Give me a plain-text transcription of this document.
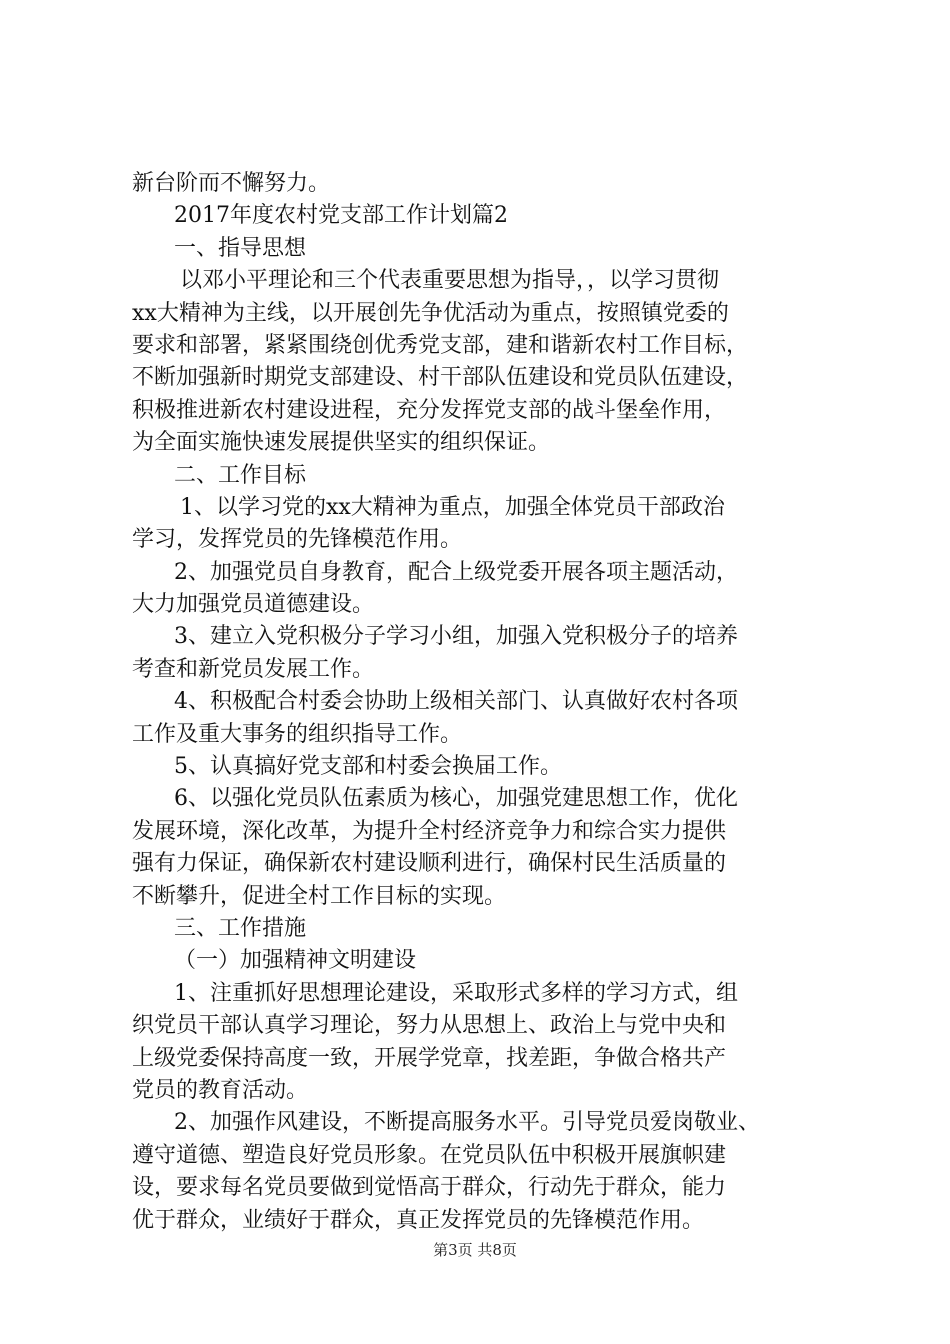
新台阶而不懈努力。
2017年度农村党支部工作计划篇2
一、指导思想
以邓小平理论和三个代表重要思想为指导，，以学习贯彻
xx大精神为主线，以开展创先争优活动为重点，按照镇党委的
要求和部署，紧紧围绕创优秀党支部，建和谐新农村工作目标，
不断加强新时期党支部建设、村干部队伍建设和党员队伍建设，
积极推进新农村建设进程，充分发挥党支部的战斗堡垒作用，
为全面实施快速发展提供坚实的组织保证。
二、工作目标
1、以学习党的xx大精神为重点，加强全体党员干部政治
学习，发挥党员的先锋模范作用。
2、加强党员自身教育，配合上级党委开展各项主题活动，
大力加强党员道德建设。
3、建立入党积极分子学习小组，加强入党积极分子的培养
考查和新党员发展工作。
4、积极配合村委会协助上级相关部门、认真做好农村各项
工作及重大事务的组织指导工作。
5、认真搞好党支部和村委会换届工作。
6、以强化党员队伍素质为核心，加强党建思想工作，优化
发展环境，深化改革，为提升全村经济竞争力和综合实力提供
强有力保证，确保新农村建设顺利进行，确保村民生活质量的
不断攀升，促进全村工作目标的实现。
三、工作措施
（一）加强精神文明建设
1、注重抓好思想理论建设，采取形式多样的学习方式，组
织党员干部认真学习理论，努力从思想上、政治上与党中央和
上级党委保持高度一致，开展学党章，找差距，争做合格共产
党员的教育活动。
2、加强作风建设，不断提高服务水平。引导党员爱岗敬业、
遵守道德、塑造良好党员形象。在党员队伍中积极开展旗帜建
设，要求每名党员要做到觉悟高于群众，行动先于群众，能力
优于群众，业绩好于群众，真正发挥党员的先锋模范作用。
第3页 共8页
